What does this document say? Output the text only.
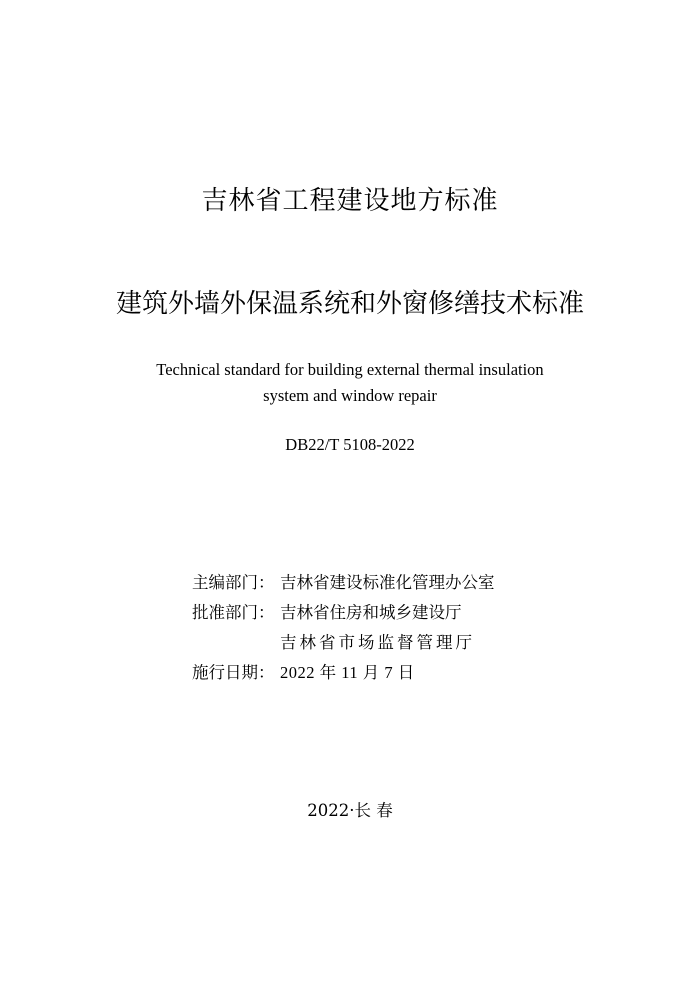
吉林省工程建设地方标准
建筑外墙外保温系统和外窗修缮技术标准
Technical standard for building external thermal insulation
system and window repair
DB22/T 5108-2022
主编部门： 吉林省建设标准化管理办公室
批准部门： 吉林省住房和城乡建设厅
吉林省市场监督管理厅
施行日期： 2022 年 11 月 7 日
2022·长 春
